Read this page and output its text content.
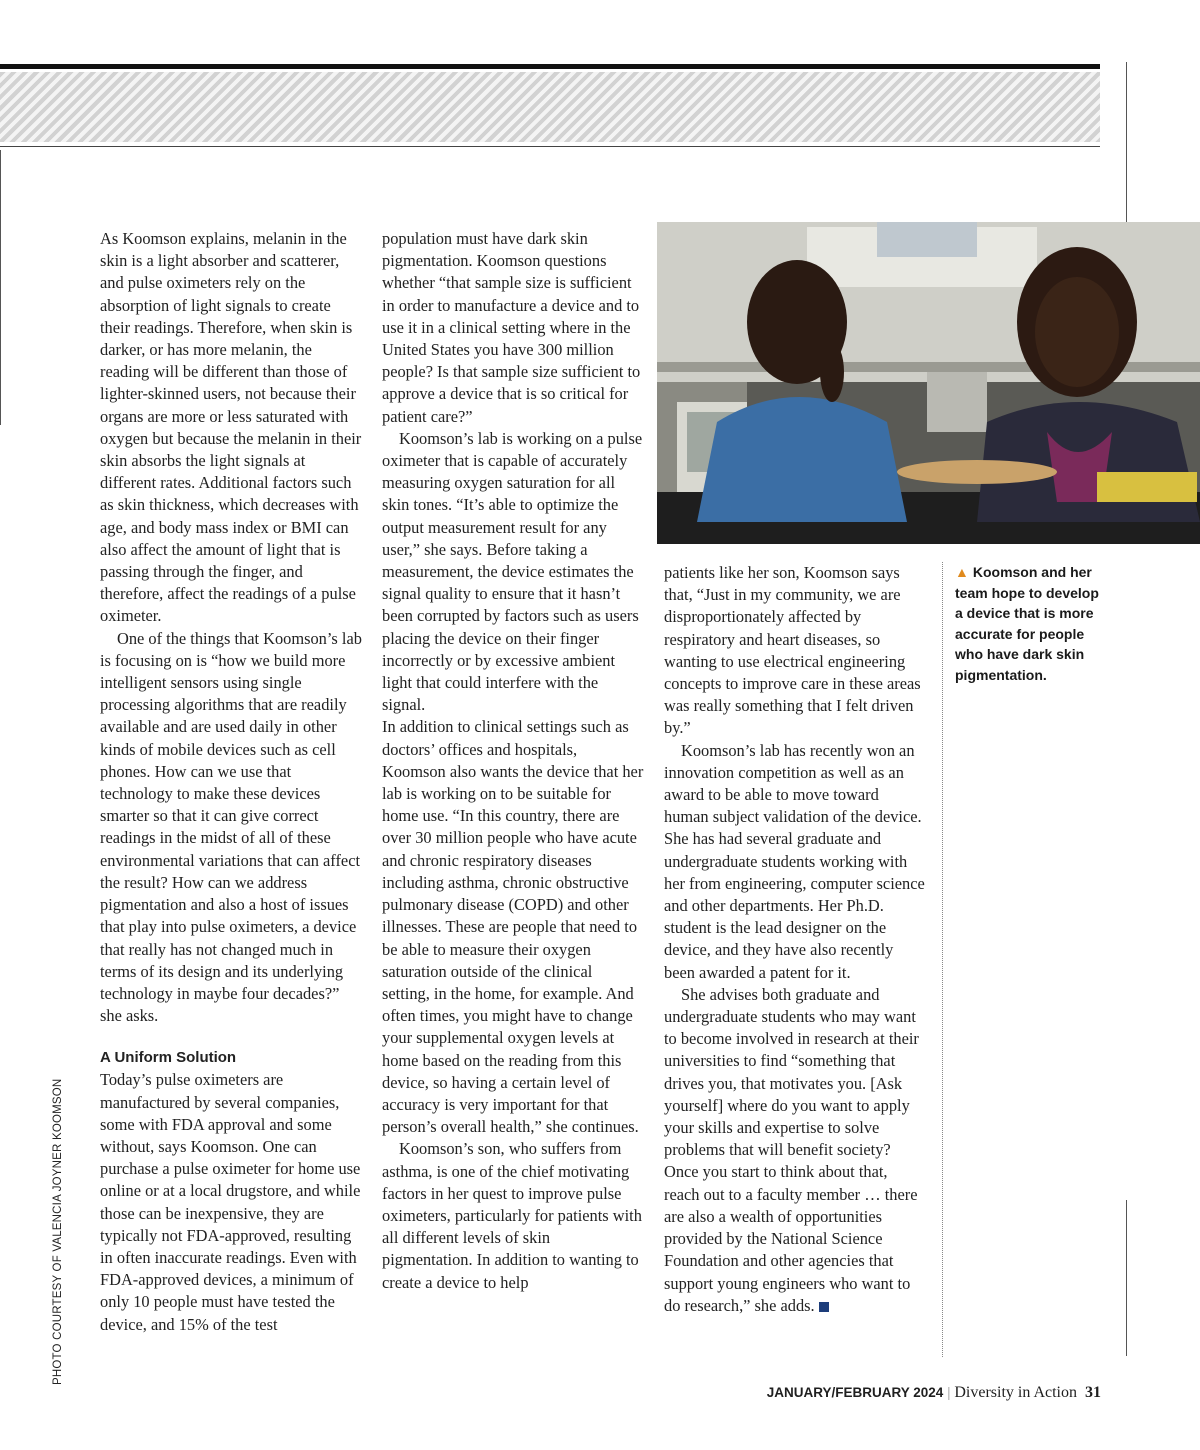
As Koomson explains, melanin in the skin is a light absorber and scatterer, and pulse oximeters rely on the absorption of light signals to create their readings. Therefore, when skin is darker, or has more melanin, the reading will be different than those of lighter-skinned users, not because their organs are more or less saturated with oxygen but because the melanin in their skin absorbs the light signals at different rates. Additional factors such as skin thickness, which decreases with age, and body mass index or BMI can also affect the amount of light that is passing through the finger, and therefore, affect the readings of a pulse oximeter.

One of the things that Koomson’s lab is focusing on is “how we build more intelligent sensors using single processing algorithms that are readily available and are used daily in other kinds of mobile devices such as cell phones. How can we use that technology to make these devices smarter so that it can give correct readings in the midst of all of these environmental variations that can affect the result? How can we address pigmentation and also a host of issues that play into pulse oximeters, a device that really has not changed much in terms of its design and its underlying technology in maybe four decades?” she asks.

A Uniform Solution

Today’s pulse oximeters are manufactured by several companies, some with FDA approval and some without, says Koomson. One can purchase a pulse oximeter for home use online or at a local drugstore, and while those can be inexpensive, they are typically not FDA-approved, resulting in often inaccurate readings. Even with FDA-approved devices, a minimum of only 10 people must have tested the device, and 15% of the test

population must have dark skin pigmentation. Koomson questions whether “that sample size is sufficient in order to manufacture a device and to use it in a clinical setting where in the United States you have 300 million people? Is that sample size sufficient to approve a device that is so critical for patient care?”

Koomson’s lab is working on a pulse oximeter that is capable of accurately measuring oxygen saturation for all skin tones. “It’s able to optimize the output measurement result for any user,” she says. Before taking a measurement, the device estimates the signal quality to ensure that it hasn’t been corrupted by factors such as users placing the device on their finger incorrectly or by excessive ambient light that could interfere with the signal.

In addition to clinical settings such as doctors’ offices and hospitals, Koomson also wants the device that her lab is working on to be suitable for home use. “In this country, there are over 30 million people who have acute and chronic respiratory diseases including asthma, chronic obstructive pulmonary disease (COPD) and other illnesses. These are people that need to be able to measure their oxygen saturation outside of the clinical setting, in the home, for example. And often times, you might have to change your supplemental oxygen levels at home based on the reading from this device, so having a certain level of accuracy is very important for that person’s overall health,” she continues.

Koomson’s son, who suffers from asthma, is one of the chief motivating factors in her quest to improve pulse oximeters, particularly for patients with all different levels of skin pigmentation. In addition to wanting to create a device to help

patients like her son, Koomson says that, “Just in my community, we are disproportionately affected by respiratory and heart diseases, so wanting to use electrical engineering concepts to improve care in these areas was really something that I felt driven by.”

Koomson’s lab has recently won an innovation competition as well as an award to be able to move toward human subject validation of the device. She has had several graduate and undergraduate students working with her from engineering, computer science and other departments. Her Ph.D. student is the lead designer on the device, and they have also recently been awarded a patent for it.

She advises both graduate and undergraduate students who may want to become involved in research at their universities to find “something that drives you, that motivates you. [Ask yourself] where do you want to apply your skills and expertise to solve problems that will benefit society? Once you start to think about that, reach out to a faculty member … there are also a wealth of opportunities provided by the National Science Foundation and other agencies that support young engineers who want to do research,” she adds.

▲ Koomson and her team hope to develop a device that is more accurate for people who have dark skin pigmentation.
PHOTO COURTESY OF VALENCIA JOYNER KOOMSON
JANUARY/FEBRUARY 2024 | Diversity in Action 31
